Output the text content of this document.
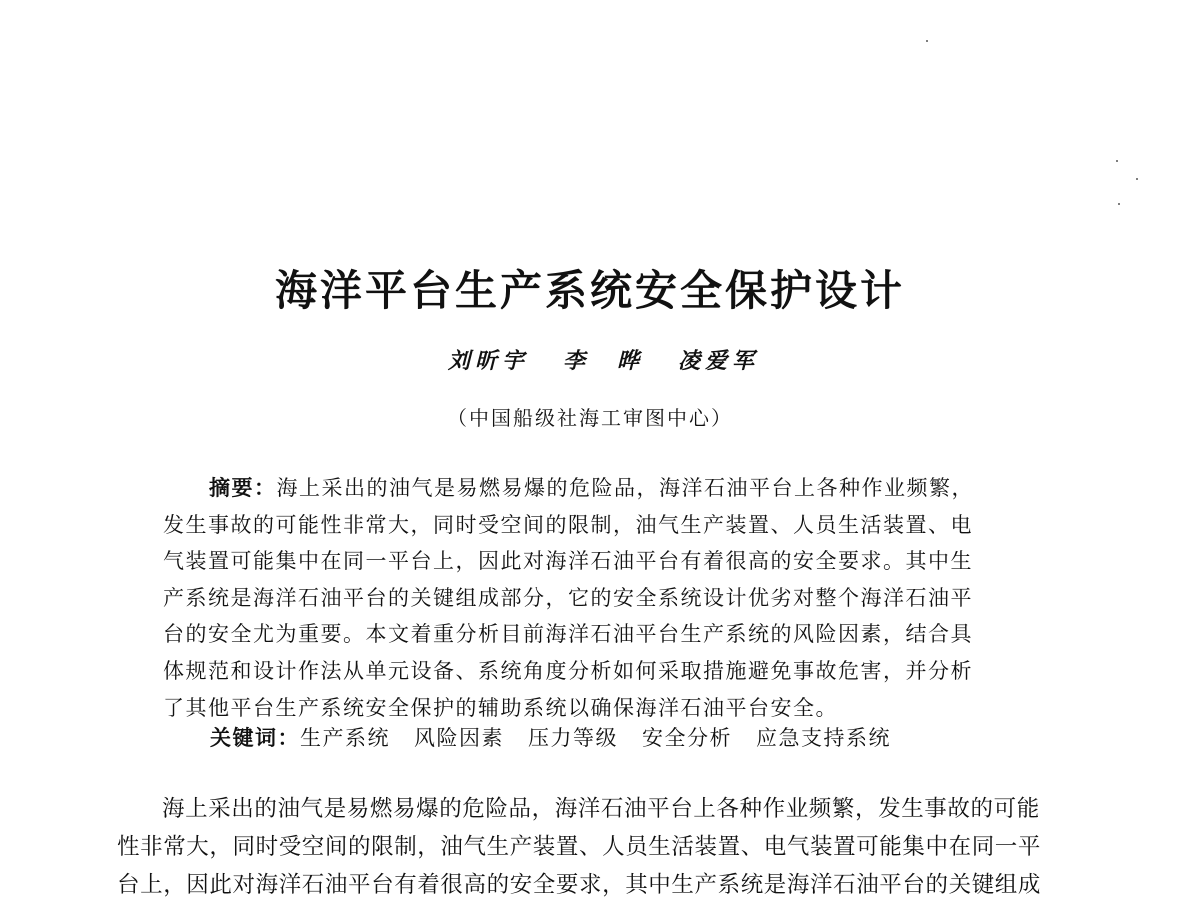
海洋平台生产系统安全保护设计
刘昕宇 李　晔 凌爱军
（中国船级社海工审图中心）
摘要：海上采出的油气是易燃易爆的危险品，海洋石油平台上各种作业频繁，
发生事故的可能性非常大，同时受空间的限制，油气生产装置、人员生活装置、电
气装置可能集中在同一平台上，因此对海洋石油平台有着很高的安全要求。其中生
产系统是海洋石油平台的关键组成部分，它的安全系统设计优劣对整个海洋石油平
台的安全尤为重要。本文着重分析目前海洋石油平台生产系统的风险因素，结合具
体规范和设计作法从单元设备、系统角度分析如何采取措施避免事故危害，并分析
了其他平台生产系统安全保护的辅助系统以确保海洋石油平台安全。
关键词： 生产系统 风险因素 压力等级 安全分析 应急支持系统
海上采出的油气是易燃易爆的危险品，海洋石油平台上各种作业频繁，发生事故的可能
性非常大，同时受空间的限制，油气生产装置、人员生活装置、电气装置可能集中在同一平
台上，因此对海洋石油平台有着很高的安全要求，其中生产系统是海洋石油平台的关键组成
